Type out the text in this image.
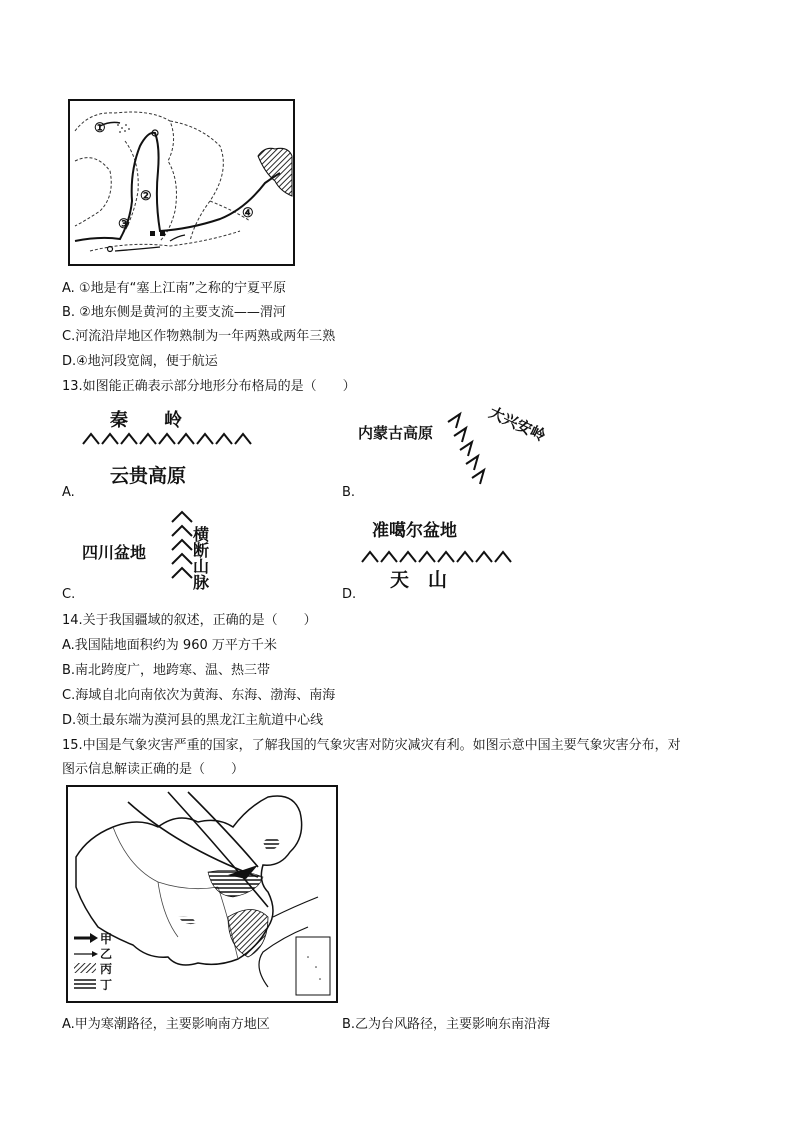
①
②
③
④
A. ①地是有“塞上江南”之称的宁夏平原
B. ②地东侧是黄河的主要支流——渭河
C.河流沿岸地区作物熟制为一年两熟或两年三熟
D.④地河段宽阔，便于航运
13.如图能正确表示部分地形分布格局的是（　　）
秦　　岭
云贵高原
A.
内蒙古高原	大兴安岭
B.
四川盆地	横断山脉
C.
准噶尔盆地
天　山
D.
14.关于我国疆域的叙述，正确的是（　　）
A.我国陆地面积约为 960 万平方千米
B.南北跨度广，地跨寒、温、热三带
C.海域自北向南依次为黄海、东海、渤海、南海
D.领土最东端为漠河县的黑龙江主航道中心线
15.中国是气象灾害严重的国家，了解我国的气象灾害对防灾减灾有利。如图示意中国主要气象灾害分布，对
图示信息解读正确的是（　　）
甲
乙
丙
丁
A.甲为寒潮路径，主要影响南方地区	B.乙为台风路径，主要影响东南沿海
